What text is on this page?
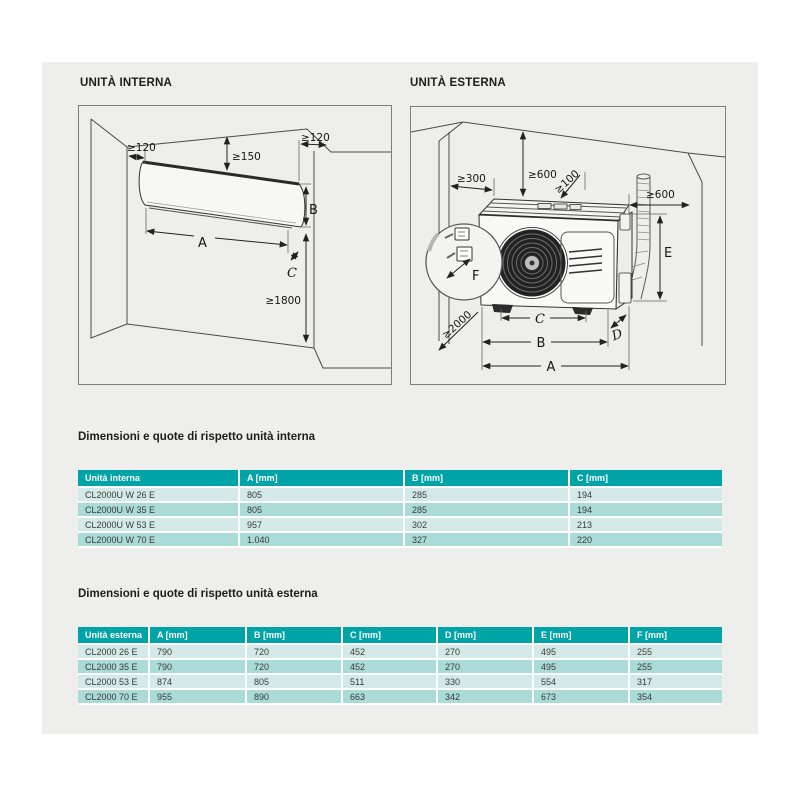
UNITÀ INTERNA	UNITÀ ESTERNA
≥120
≥150
≥120
A
B
C
≥1800
≥300	≥600
≥100	≥600
≥2000
E
F
C
B
A
D
Dimensioni e quote di rispetto unità interna
Unità interna	A [mm]	B [mm]	C [mm]
CL2000U W 26 E	805	285	194
CL2000U W 35 E	805	285	194
CL2000U W 53 E	957	302	213
CL2000U W 70 E	1.040	327	220
Dimensioni e quote di rispetto unità esterna
Unità esterna	A [mm]	B [mm]	C [mm]	D [mm]	E [mm]	F [mm]
CL2000 26 E	790	720	452	270	495	255
CL2000 35 E	790	720	452	270	495	255
CL2000 53 E	874	805	511	330	554	317
CL2000 70 E	955	890	663	342	673	354
